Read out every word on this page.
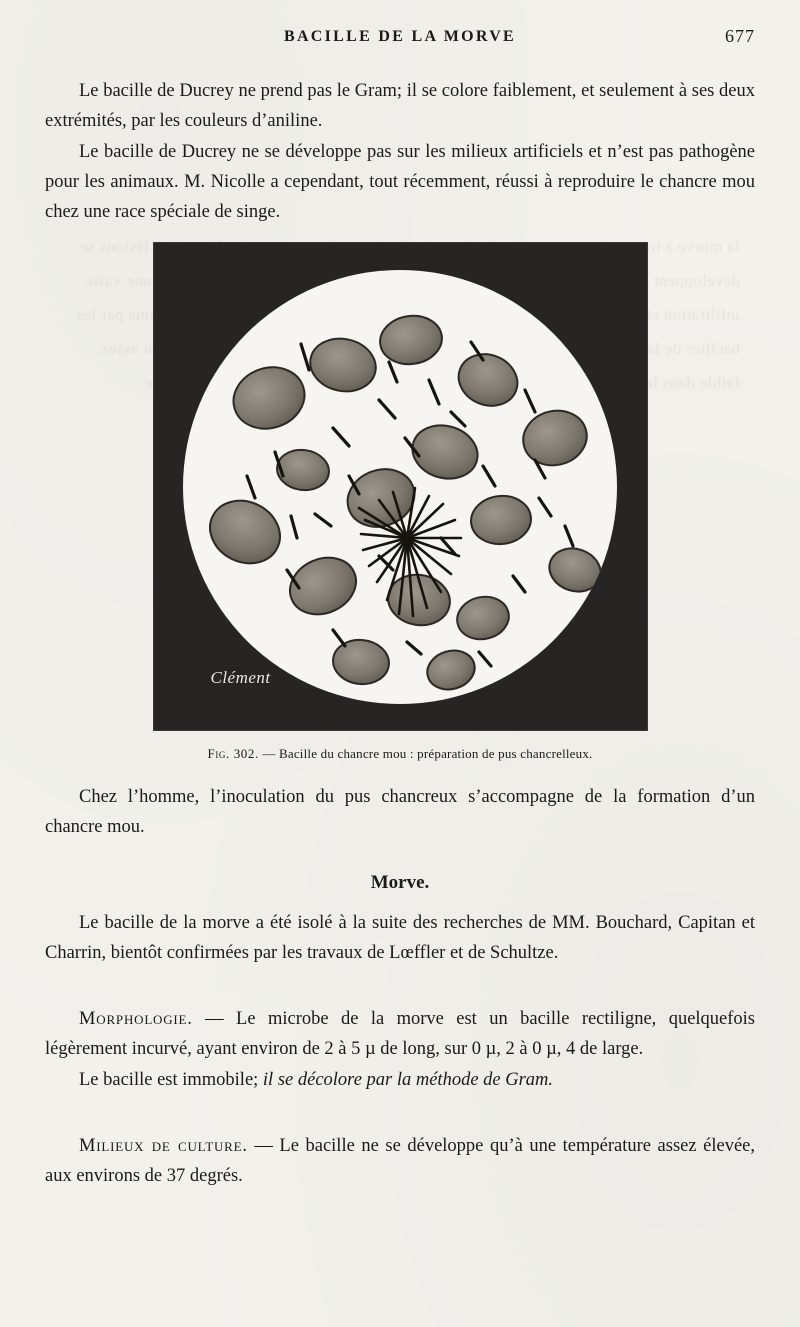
la morve à lésions se développent une vaste infiltration et par les bacilles de la assez faible dans les
BACILLE DE LA MORVE	677

Le bacille de Ducrey ne prend pas le Gram; il se colore faiblement, et seulement à ses deux extrémités, par les couleurs d’aniline.

Le bacille de Ducrey ne se développe pas sur les milieux artificiels et n’est pas pathogène pour les animaux. M. Nicolle a cependant, tout récemment, réussi à reproduire le chancre mou chez une race spéciale de singe.

Clément
Fig. 302. — Bacille du chancre mou : préparation de pus chancrelleux.

Chez l’homme, l’inoculation du pus chancreux s’accompagne de la formation d’un chancre mou.

Morve.

Le bacille de la morve a été isolé à la suite des recherches de MM. Bouchard, Capitan et Charrin, bientôt confirmées par les travaux de Lœffler et de Schultze.

Morphologie. — Le microbe de la morve est un bacille rectiligne, quelquefois légèrement incurvé, ayant environ de 2 à 5 µ de long, sur 0 µ, 2 à 0 µ, 4 de large.

Le bacille est immobile; il se décolore par la méthode de Gram.

Milieux de culture. — Le bacille ne se développe qu’à une température assez élevée, aux environs de 37 degrés.
